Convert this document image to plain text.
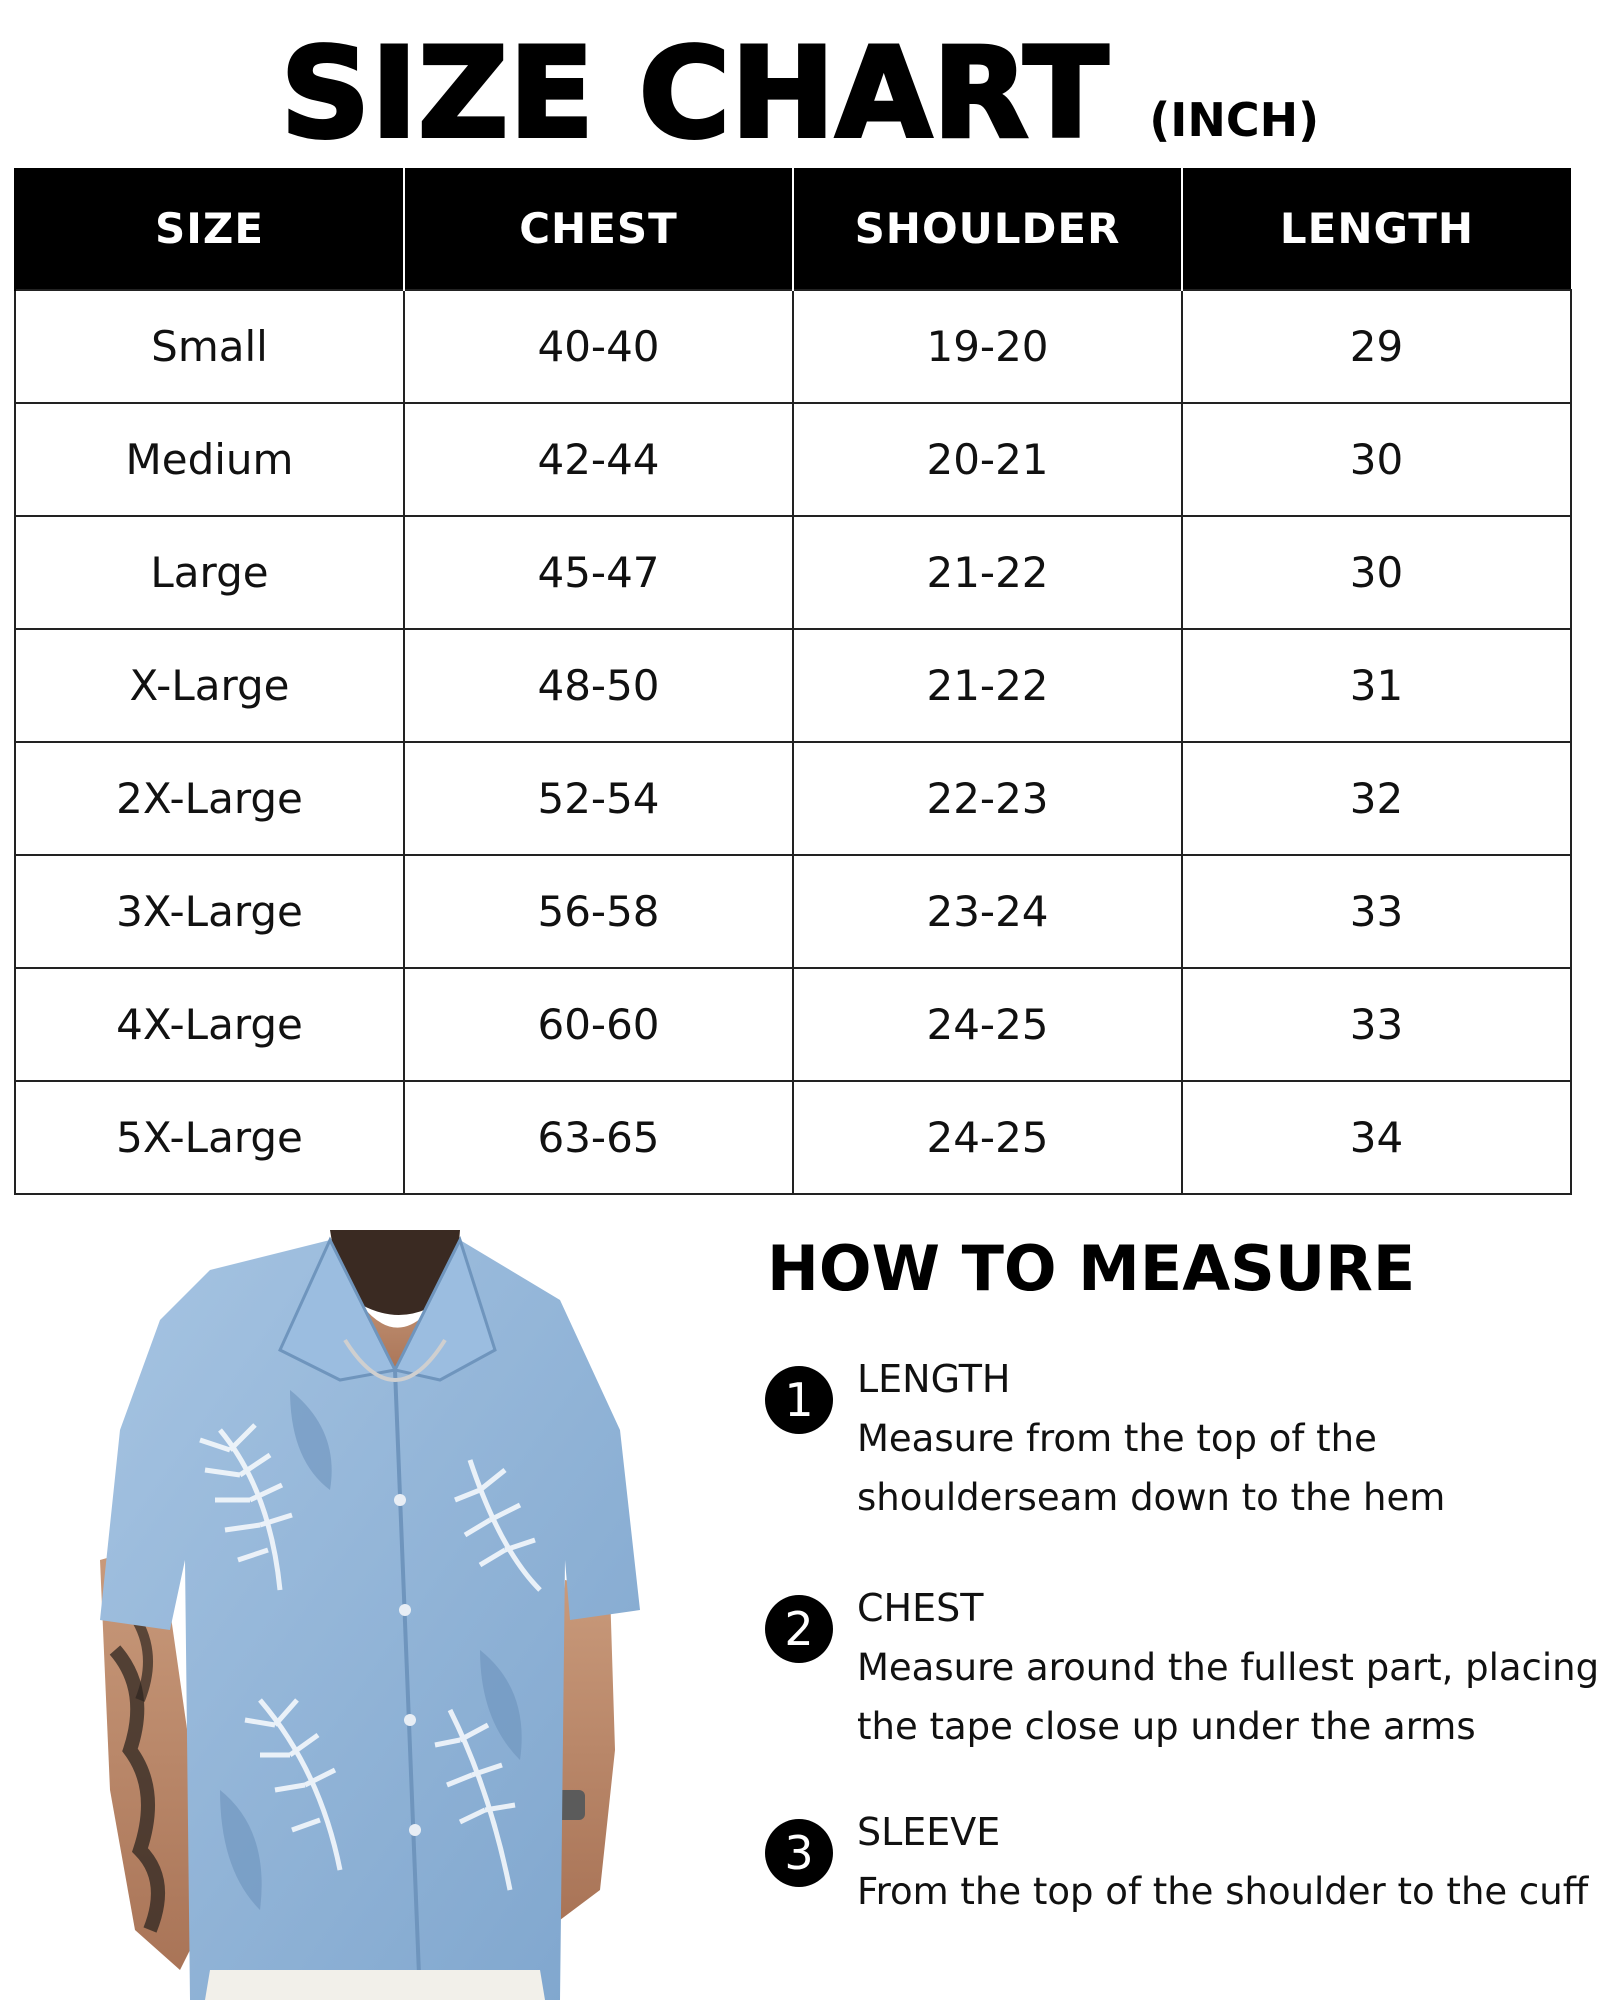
SIZE CHART (INCH)
SIZE	CHEST	SHOULDER	LENGTH
Small	40-40	19-20	29
Medium	42-44	20-21	30
Large	45-47	21-22	30
X-Large	48-50	21-22	31
2X-Large	52-54	22-23	32
3X-Large	56-58	23-24	33
4X-Large	60-60	24-25	33
5X-Large	63-65	24-25	34
HOW TO MEASURE
1	LENGTH
Measure from the top of the
shoulderseam down to the hem
2	CHEST
Measure around the fullest part, placing
the tape close up under the arms
3	SLEEVE
From the top of the shoulder to the cuff
